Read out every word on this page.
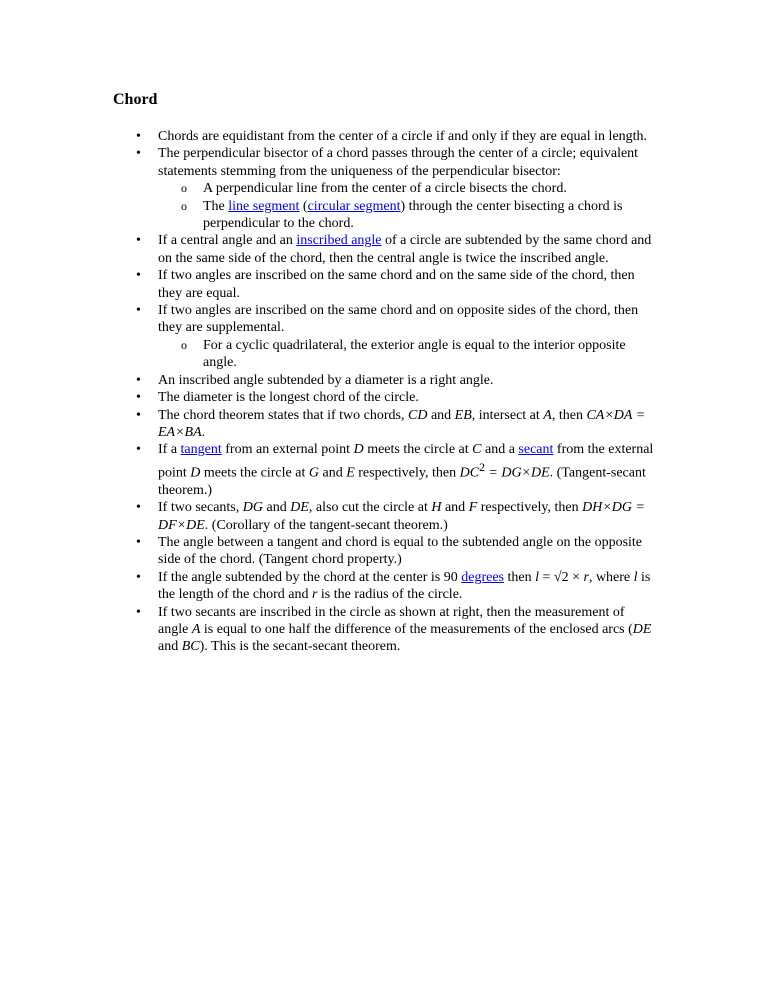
Chord
• Chords are equidistant from the center of a circle if and only if they are equal in length.
• The perpendicular bisector of a chord passes through the center of a circle; equivalent statements stemming from the uniqueness of the perpendicular bisector:
o A perpendicular line from the center of a circle bisects the chord.
o The line segment (circular segment) through the center bisecting a chord is perpendicular to the chord.
• If a central angle and an inscribed angle of a circle are subtended by the same chord and on the same side of the chord, then the central angle is twice the inscribed angle.
• If two angles are inscribed on the same chord and on the same side of the chord, then they are equal.
• If two angles are inscribed on the same chord and on opposite sides of the chord, then they are supplemental.
o For a cyclic quadrilateral, the exterior angle is equal to the interior opposite angle.
• An inscribed angle subtended by a diameter is a right angle.
• The diameter is the longest chord of the circle.
• The chord theorem states that if two chords, CD and EB, intersect at A, then CA×DA = EA×BA.
• If a tangent from an external point D meets the circle at C and a secant from the external point D meets the circle at G and E respectively, then $DC^2 = DG\times DE$. (Tangent-secant theorem.)
• If two secants, DG and DE, also cut the circle at H and F respectively, then DH×DG = DF×DE. (Corollary of the tangent-secant theorem.)
• The angle between a tangent and chord is equal to the subtended angle on the opposite side of the chord. (Tangent chord property.)
• If the angle subtended by the chord at the center is 90 degrees then l = √2 × r, where l is the length of the chord and r is the radius of the circle.
• If two secants are inscribed in the circle as shown at right, then the measurement of angle A is equal to one half the difference of the measurements of the enclosed arcs (DE and BC). This is the secant-secant theorem.
